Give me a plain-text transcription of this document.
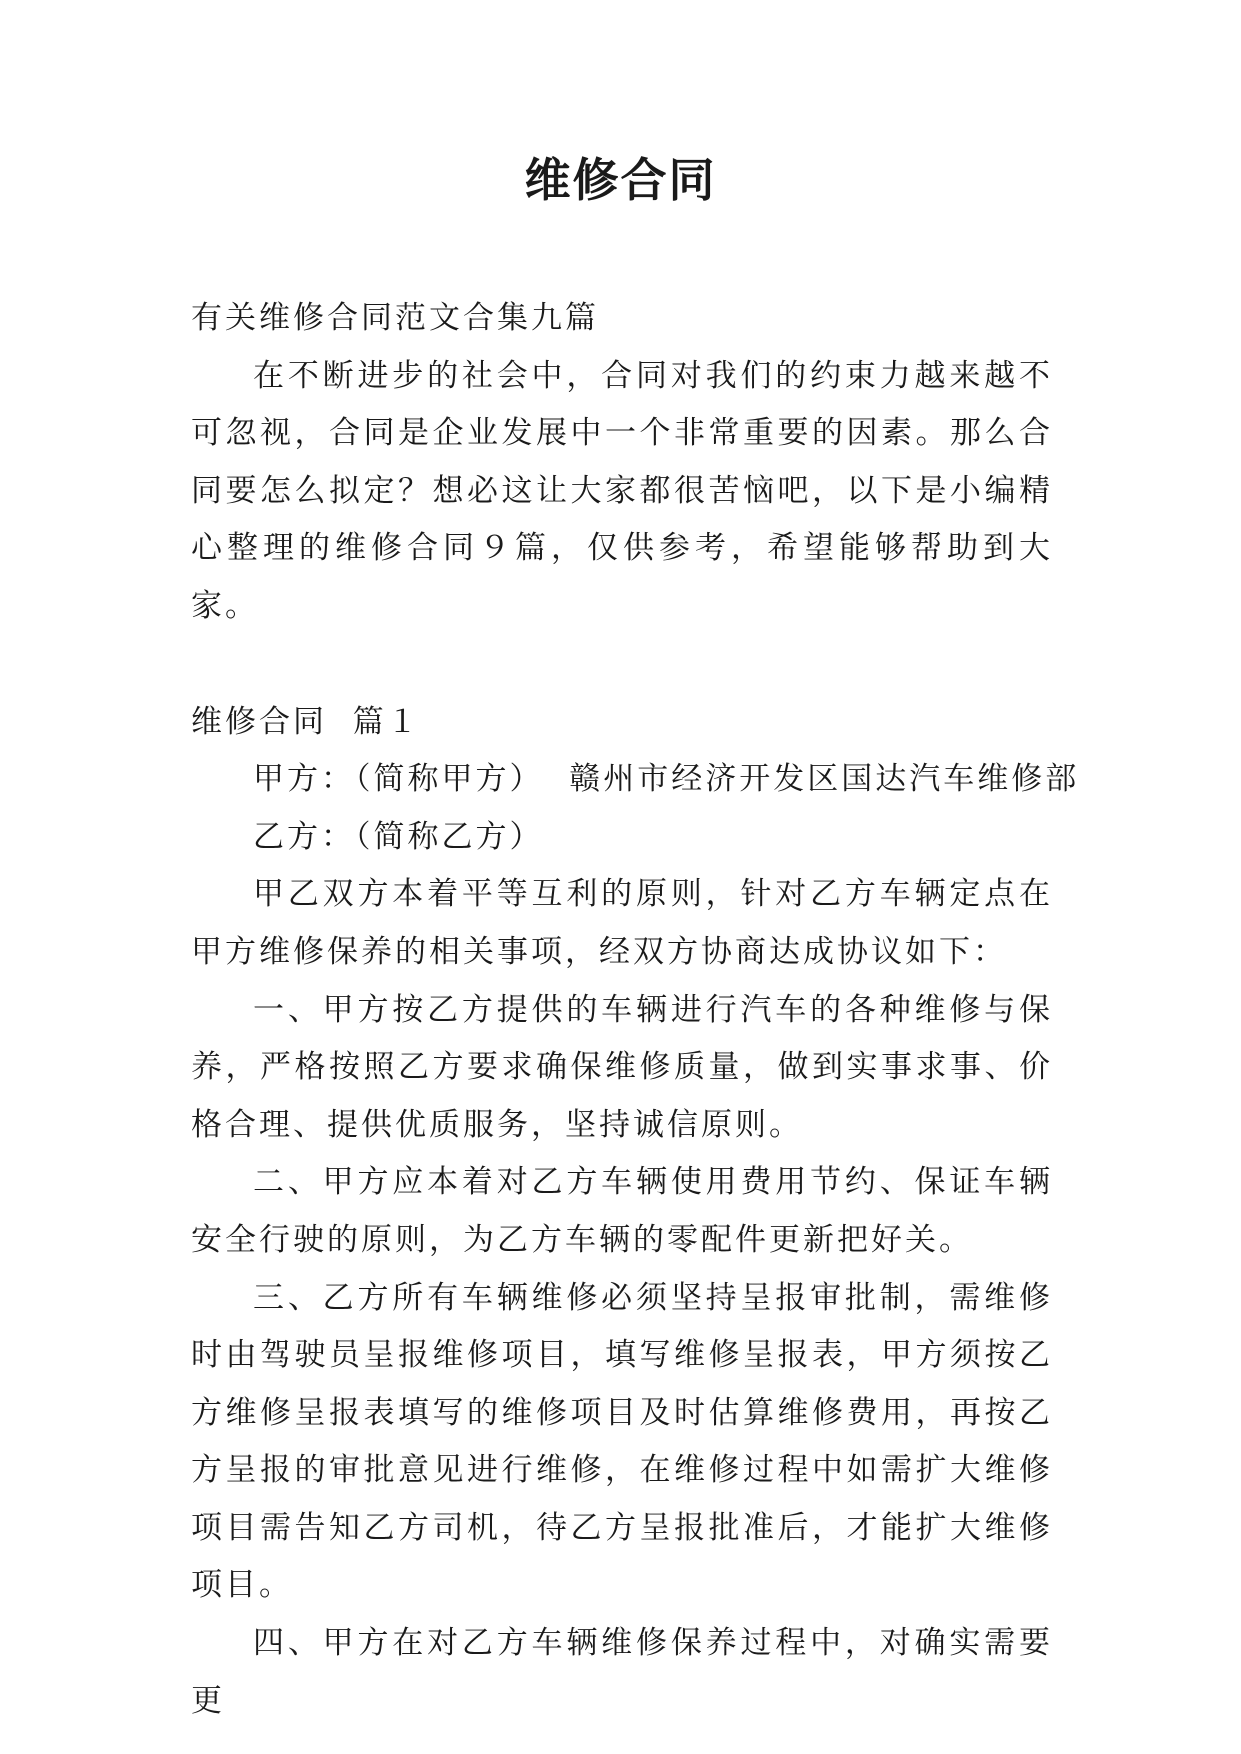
维修合同

有关维修合同范文合集九篇

在不断进步的社会中，合同对我们的约束力越来越不可忽视，合同是企业发展中一个非常重要的因素。那么合同要怎么拟定？想必这让大家都很苦恼吧，以下是小编精心整理的维修合同９篇，仅供参考，希望能够帮助到大家。

维修合同  篇１

甲方：（简称甲方）  赣州市经济开发区国达汽车维修部

乙方：（简称乙方）

甲乙双方本着平等互利的原则，针对乙方车辆定点在甲方维修保养的相关事项，经双方协商达成协议如下：

一、甲方按乙方提供的车辆进行汽车的各种维修与保养，严格按照乙方要求确保维修质量，做到实事求事、价格合理、提供优质服务，坚持诚信原则。

二、甲方应本着对乙方车辆使用费用节约、保证车辆安全行驶的原则，为乙方车辆的零配件更新把好关。

三、乙方所有车辆维修必须坚持呈报审批制，需维修时由驾驶员呈报维修项目，填写维修呈报表，甲方须按乙方维修呈报表填写的维修项目及时估算维修费用，再按乙方呈报的审批意见进行维修，在维修过程中如需扩大维修项目需告知乙方司机，待乙方呈报批准后，才能扩大维修项目。

四、甲方在对乙方车辆维修保养过程中，对确实需要更
